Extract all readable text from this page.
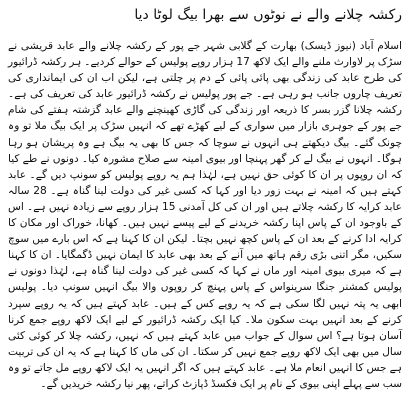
رکشہ چلانے والے نے نوٹوں سے بھرا بیگ لوٹا دیا

اسلام آباد (نیوز ڈیسک) بھارت کے گلابی شہر جے پور کے رکشہ چلانے والے عابد قریشی نے سڑک پر لاوارث ملنے والے ایک لاکھ 17 ہزار روپے پولیس کے حوالے کردیے۔ ہر رکشہ ڈرائیور کی طرح عابد کی زندگی بھی پائی پائی کے دم پر چلتی ہے، لیکن اب ان کی ایمانداری کی تعریف چاروں جانب ہو رہی ہے۔ جے پور پولیس نے رکشہ ڈرائیور عابد کی تعریف کی ہے۔ رکشہ چلانا گزر بسر کا ذریعہ اور زندگی کی گاڑی کھینچنے والے عابد گزشتہ ہفتے کی شام جے پور کے جوہری بازار میں سواری کے لیے کھڑے تھے کہ انہیں سڑک پر ایک بیگ ملا تو وہ چونک گئے۔ بیگ دیکھتے ہی انہوں نے سوچا کہ جس کا بھی یہ بیگ ہے وہ پریشان ہو رہا ہوگا۔ انہوں نے بیگ لے کر گھر پہنچا اور بیوی امینہ سے صلاح مشورہ کیا۔ دونوں نے طے کیا کہ ان روپوں پر ان کا کوئی حق نہیں ہے، لہٰذا ہم یہ روپے پولیس کو سونپ دیں گے۔ عابد کہتے ہیں کہ امینہ نے بہت زور دیا اور کہا کہ کسی غیر کی دولت لینا گناہ ہے۔ 28 سالہ عابد کرایہ کا رکشہ چلاتے ہیں اور ان کی کل آمدنی 15 ہزار روپے سے زیادہ نہیں ہے۔ اس کے باوجود ان کے پاس اپنا رکشہ خریدنے کے لیے پیسے نہیں ہیں۔ کھانا، خوراک اور مکان کا کرایہ ادا کرنے کے بعد ان کے پاس کچھ نہیں بچتا۔ لیکن ان کا کہنا ہے کہ اس بارے میں سوچ سکیں، مگر اتنی بڑی رقم ہاتھ میں آنے کے بعد بھی عابد کا ایمان نہیں ڈگمگایا۔ ان کا کہنا ہے کہ میری بیوی امینہ اور ماں نے کہا کہ کسی غیر کی دولت لینا گناہ ہے، لہٰذا دونوں نے پولیس کمشنر جنگا سرینواس کے پاس پہنچ کر روپوں والا بیگ انہیں سونپ دیا۔ پولیس ابھی یہ پتہ نہیں لگا سکی ہے کہ یہ روپے کس کے ہیں۔ عابد کہتے ہیں کہ یہ روپے سپرد کرنے کے بعد انہیں بہت سکون ملا۔ کیا ایک رکشہ ڈرائیور کے لیے ایک لاکھ روپے جمع کرنا آسان ہوتا ہے؟ اس سوال کے جواب میں عابد کہتے ہیں کہ نہیں، رکشہ چلا کر کوئی کئی سال میں بھی ایک لاکھ روپے جمع نہیں کر سکتا۔ ان کی ماں کا کہنا ہے کہ یہ ان کی تربیت ہے جس کا انہیں انعام ملا ہے۔ عابد کہتے ہیں کہ اگر انہیں یہ ایک لاکھ روپے مل جاتے تو وہ سب سے پہلے اپنی بیوی کے نام پر ایک فکسڈ ڈپازٹ کراتے، پھر نیا رکشہ خریدیں گے۔
